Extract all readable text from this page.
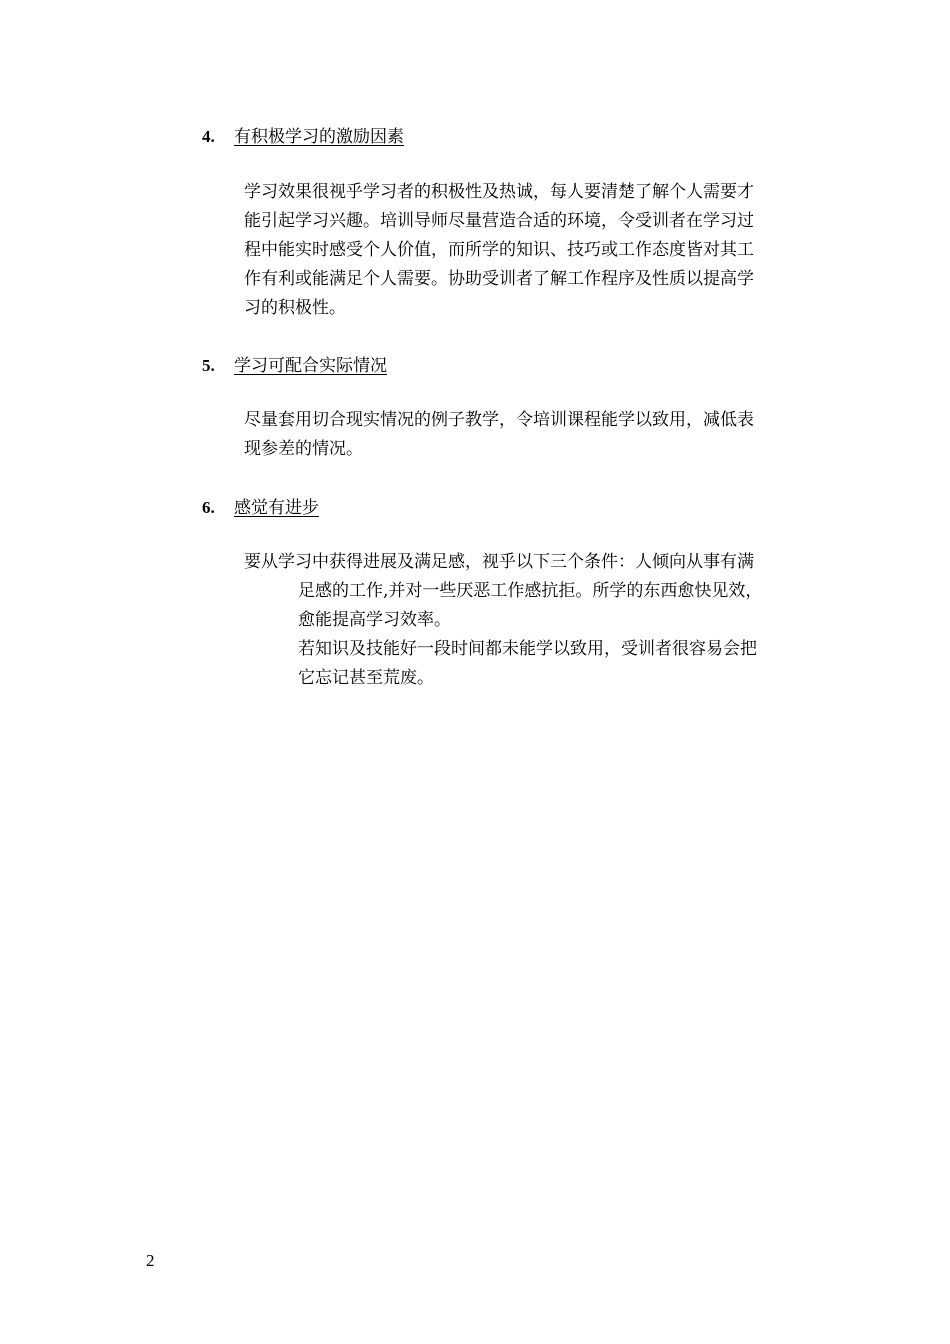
4. 有积极学习的激励因素
学习效果很视乎学习者的积极性及热诚，每人要清楚了解个人需要才
能引起学习兴趣。培训导师尽量营造合适的环境，令受训者在学习过
程中能实时感受个人价值，而所学的知识、技巧或工作态度皆对其工
作有利或能满足个人需要。协助受训者了解工作程序及性质以提高学
习的积极性。
5. 学习可配合实际情况
尽量套用切合现实情况的例子教学，令培训课程能学以致用，减低表
现参差的情况。
6. 感觉有进步
要从学习中获得进展及满足感，视乎以下三个条件：人倾向从事有满
足感的工作,并对一些厌恶工作感抗拒。所学的东西愈快见效，
愈能提高学习效率。
若知识及技能好一段时间都未能学以致用，受训者很容易会把
它忘记甚至荒废。
2
